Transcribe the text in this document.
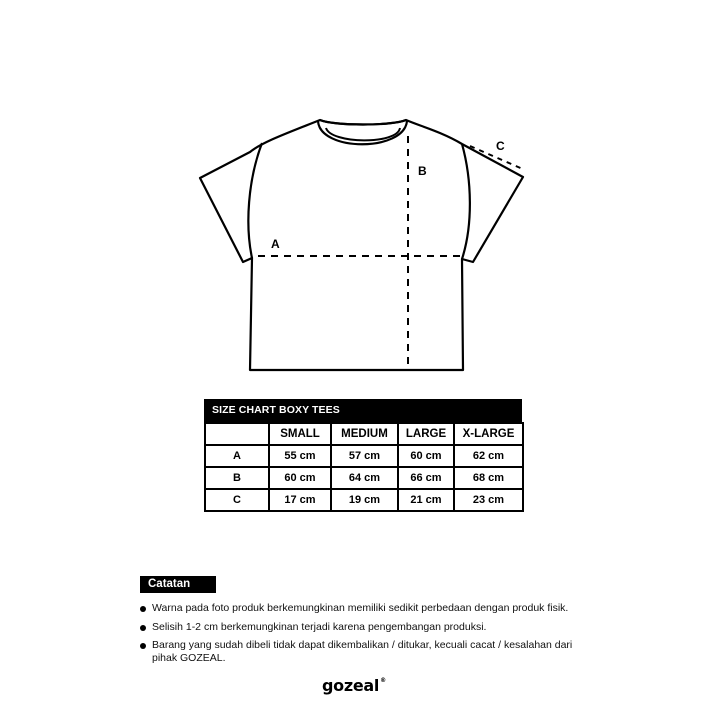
A
B
C
SIZE CHART BOXY TEES
	SMALL	MEDIUM	LARGE	X-LARGE
A	55 cm	57 cm	60 cm	62 cm
B	60 cm	64 cm	66 cm	68 cm
C	17 cm	19 cm	21 cm	23 cm
Catatan
Warna pada foto produk berkemungkinan memiliki sedikit perbedaan dengan produk fisik.
Selisih 1-2 cm berkemungkinan terjadi karena pengembangan produksi.
Barang yang sudah dibeli tidak dapat dikembalikan / ditukar, kecuali cacat / kesalahan dari pihak GOZEAL.
gozeal®
